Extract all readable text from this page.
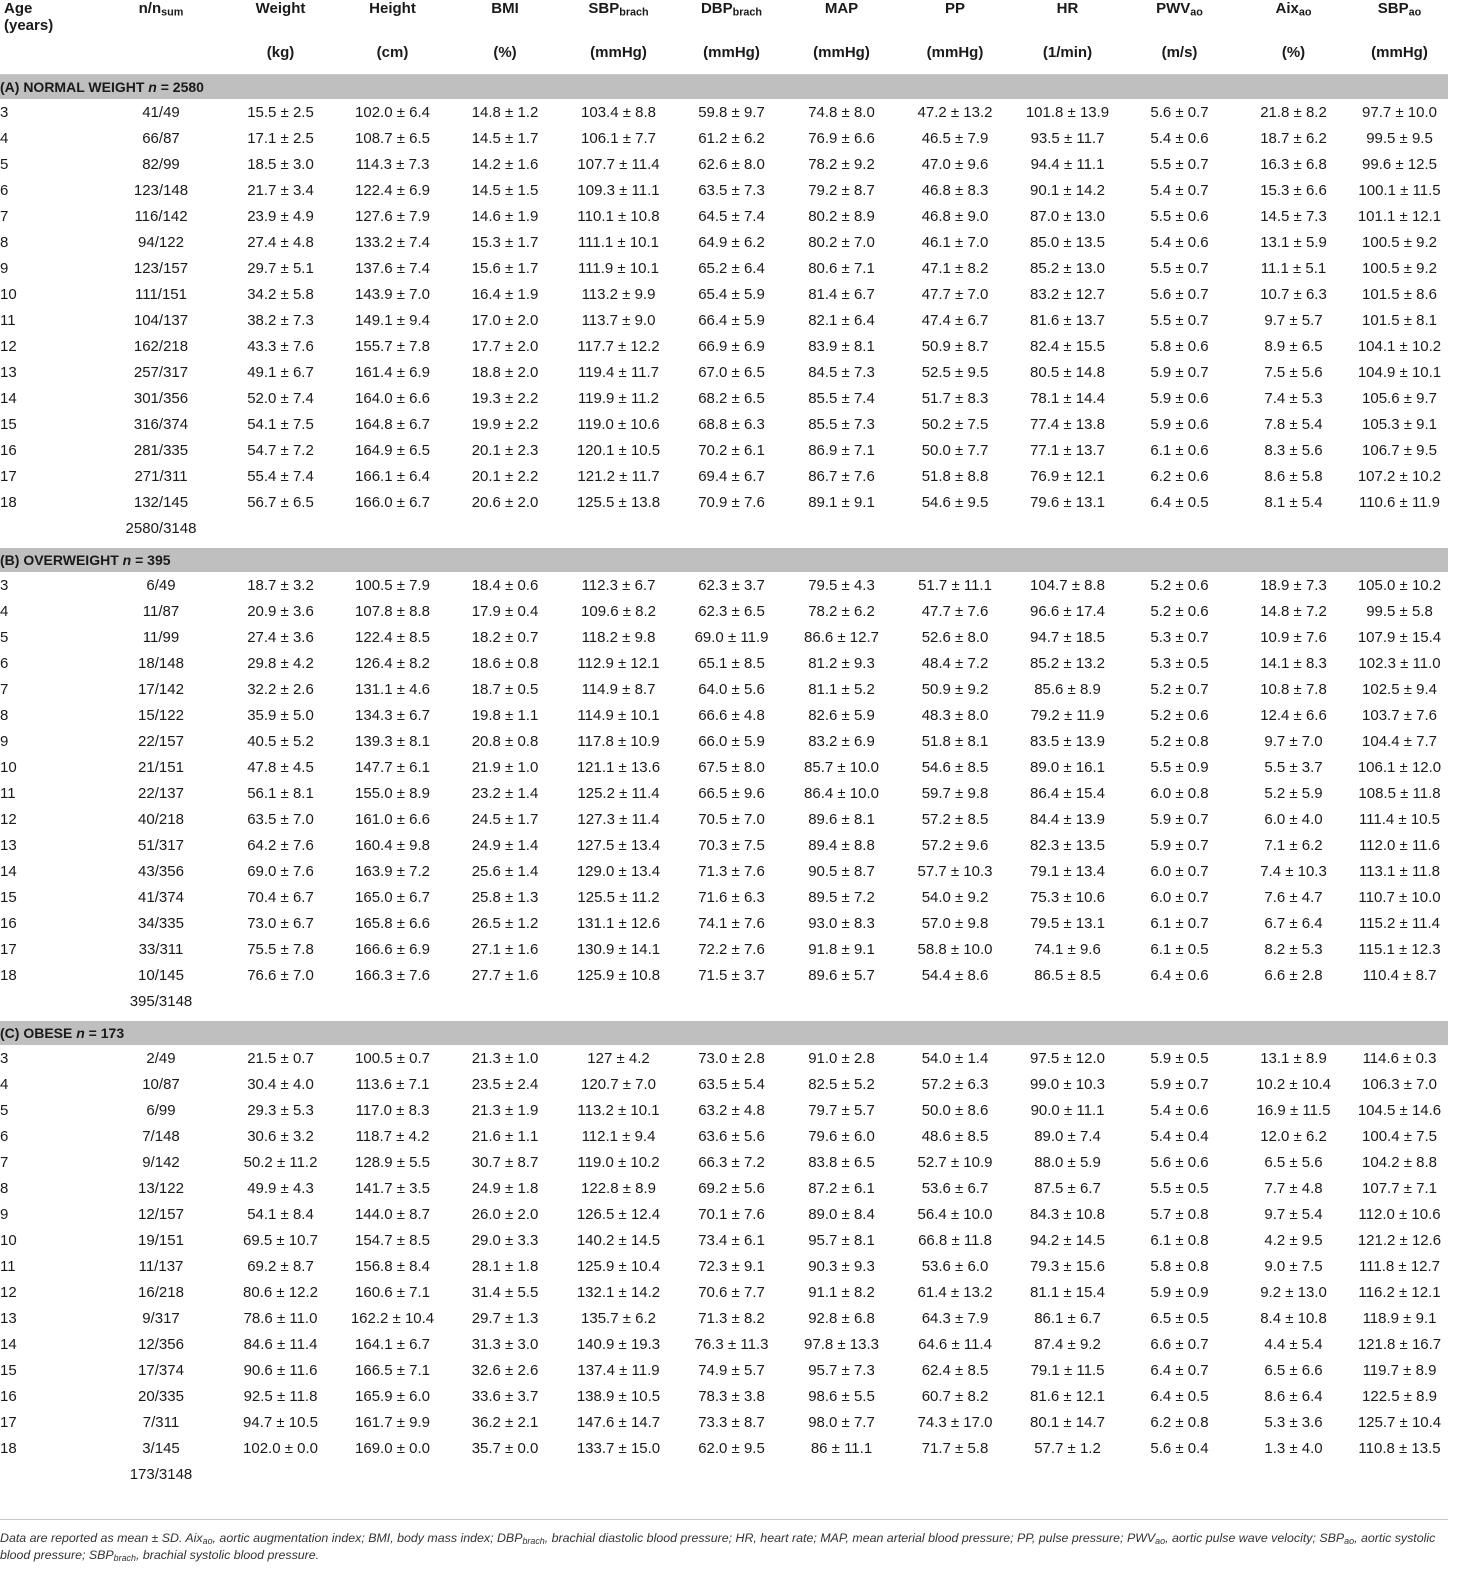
Age
(years)	$n/n_{sum}$	Weight	Height	BMI	$SBP_{brach}$	$DBP_{brach}$	MAP	PP	HR	$PWV_{ao}$	Aix$_{ao}$	$SBP_{ao}$
		(kg)	(cm)	(%)	(mmHg)	(mmHg)	(mmHg)	(mmHg)	(1/min)	(m/s)	(%)	(mmHg)

(A) NORMAL WEIGHT n = 2580												
3	41/49	15.5 ± 2.5	102.0 ± 6.4	14.8 ± 1.2	103.4 ± 8.8	59.8 ± 9.7	74.8 ± 8.0	47.2 ± 13.2	101.8 ± 13.9	5.6 ± 0.7	21.8 ± 8.2	97.7 ± 10.0
4	66/87	17.1 ± 2.5	108.7 ± 6.5	14.5 ± 1.7	106.1 ± 7.7	61.2 ± 6.2	76.9 ± 6.6	46.5 ± 7.9	93.5 ± 11.7	5.4 ± 0.6	18.7 ± 6.2	99.5 ± 9.5
5	82/99	18.5 ± 3.0	114.3 ± 7.3	14.2 ± 1.6	107.7 ± 11.4	62.6 ± 8.0	78.2 ± 9.2	47.0 ± 9.6	94.4 ± 11.1	5.5 ± 0.7	16.3 ± 6.8	99.6 ± 12.5
6	123/148	21.7 ± 3.4	122.4 ± 6.9	14.5 ± 1.5	109.3 ± 11.1	63.5 ± 7.3	79.2 ± 8.7	46.8 ± 8.3	90.1 ± 14.2	5.4 ± 0.7	15.3 ± 6.6	100.1 ± 11.5
7	116/142	23.9 ± 4.9	127.6 ± 7.9	14.6 ± 1.9	110.1 ± 10.8	64.5 ± 7.4	80.2 ± 8.9	46.8 ± 9.0	87.0 ± 13.0	5.5 ± 0.6	14.5 ± 7.3	101.1 ± 12.1
8	94/122	27.4 ± 4.8	133.2 ± 7.4	15.3 ± 1.7	111.1 ± 10.1	64.9 ± 6.2	80.2 ± 7.0	46.1 ± 7.0	85.0 ± 13.5	5.4 ± 0.6	13.1 ± 5.9	100.5 ± 9.2
9	123/157	29.7 ± 5.1	137.6 ± 7.4	15.6 ± 1.7	111.9 ± 10.1	65.2 ± 6.4	80.6 ± 7.1	47.1 ± 8.2	85.2 ± 13.0	5.5 ± 0.7	11.1 ± 5.1	100.5 ± 9.2
10	111/151	34.2 ± 5.8	143.9 ± 7.0	16.4 ± 1.9	113.2 ± 9.9	65.4 ± 5.9	81.4 ± 6.7	47.7 ± 7.0	83.2 ± 12.7	5.6 ± 0.7	10.7 ± 6.3	101.5 ± 8.6
11	104/137	38.2 ± 7.3	149.1 ± 9.4	17.0 ± 2.0	113.7 ± 9.0	66.4 ± 5.9	82.1 ± 6.4	47.4 ± 6.7	81.6 ± 13.7	5.5 ± 0.7	9.7 ± 5.7	101.5 ± 8.1
12	162/218	43.3 ± 7.6	155.7 ± 7.8	17.7 ± 2.0	117.7 ± 12.2	66.9 ± 6.9	83.9 ± 8.1	50.9 ± 8.7	82.4 ± 15.5	5.8 ± 0.6	8.9 ± 6.5	104.1 ± 10.2
13	257/317	49.1 ± 6.7	161.4 ± 6.9	18.8 ± 2.0	119.4 ± 11.7	67.0 ± 6.5	84.5 ± 7.3	52.5 ± 9.5	80.5 ± 14.8	5.9 ± 0.7	7.5 ± 5.6	104.9 ± 10.1
14	301/356	52.0 ± 7.4	164.0 ± 6.6	19.3 ± 2.2	119.9 ± 11.2	68.2 ± 6.5	85.5 ± 7.4	51.7 ± 8.3	78.1 ± 14.4	5.9 ± 0.6	7.4 ± 5.3	105.6 ± 9.7
15	316/374	54.1 ± 7.5	164.8 ± 6.7	19.9 ± 2.2	119.0 ± 10.6	68.8 ± 6.3	85.5 ± 7.3	50.2 ± 7.5	77.4 ± 13.8	5.9 ± 0.6	7.8 ± 5.4	105.3 ± 9.1
16	281/335	54.7 ± 7.2	164.9 ± 6.5	20.1 ± 2.3	120.1 ± 10.5	70.2 ± 6.1	86.9 ± 7.1	50.0 ± 7.7	77.1 ± 13.7	6.1 ± 0.6	8.3 ± 5.6	106.7 ± 9.5
17	271/311	55.4 ± 7.4	166.1 ± 6.4	20.1 ± 2.2	121.2 ± 11.7	69.4 ± 6.7	86.7 ± 7.6	51.8 ± 8.8	76.9 ± 12.1	6.2 ± 0.6	8.6 ± 5.8	107.2 ± 10.2
18	132/145	56.7 ± 6.5	166.0 ± 6.7	20.6 ± 2.0	125.5 ± 13.8	70.9 ± 7.6	89.1 ± 9.1	54.6 ± 9.5	79.6 ± 13.1	6.4 ± 0.5	8.1 ± 5.4	110.6 ± 11.9
	2580/3148											

(B) OVERWEIGHT n = 395												
3	6/49	18.7 ± 3.2	100.5 ± 7.9	18.4 ± 0.6	112.3 ± 6.7	62.3 ± 3.7	79.5 ± 4.3	51.7 ± 11.1	104.7 ± 8.8	5.2 ± 0.6	18.9 ± 7.3	105.0 ± 10.2
4	11/87	20.9 ± 3.6	107.8 ± 8.8	17.9 ± 0.4	109.6 ± 8.2	62.3 ± 6.5	78.2 ± 6.2	47.7 ± 7.6	96.6 ± 17.4	5.2 ± 0.6	14.8 ± 7.2	99.5 ± 5.8
5	11/99	27.4 ± 3.6	122.4 ± 8.5	18.2 ± 0.7	118.2 ± 9.8	69.0 ± 11.9	86.6 ± 12.7	52.6 ± 8.0	94.7 ± 18.5	5.3 ± 0.7	10.9 ± 7.6	107.9 ± 15.4
6	18/148	29.8 ± 4.2	126.4 ± 8.2	18.6 ± 0.8	112.9 ± 12.1	65.1 ± 8.5	81.2 ± 9.3	48.4 ± 7.2	85.2 ± 13.2	5.3 ± 0.5	14.1 ± 8.3	102.3 ± 11.0
7	17/142	32.2 ± 2.6	131.1 ± 4.6	18.7 ± 0.5	114.9 ± 8.7	64.0 ± 5.6	81.1 ± 5.2	50.9 ± 9.2	85.6 ± 8.9	5.2 ± 0.7	10.8 ± 7.8	102.5 ± 9.4
8	15/122	35.9 ± 5.0	134.3 ± 6.7	19.8 ± 1.1	114.9 ± 10.1	66.6 ± 4.8	82.6 ± 5.9	48.3 ± 8.0	79.2 ± 11.9	5.2 ± 0.6	12.4 ± 6.6	103.7 ± 7.6
9	22/157	40.5 ± 5.2	139.3 ± 8.1	20.8 ± 0.8	117.8 ± 10.9	66.0 ± 5.9	83.2 ± 6.9	51.8 ± 8.1	83.5 ± 13.9	5.2 ± 0.8	9.7 ± 7.0	104.4 ± 7.7
10	21/151	47.8 ± 4.5	147.7 ± 6.1	21.9 ± 1.0	121.1 ± 13.6	67.5 ± 8.0	85.7 ± 10.0	54.6 ± 8.5	89.0 ± 16.1	5.5 ± 0.9	5.5 ± 3.7	106.1 ± 12.0
11	22/137	56.1 ± 8.1	155.0 ± 8.9	23.2 ± 1.4	125.2 ± 11.4	66.5 ± 9.6	86.4 ± 10.0	59.7 ± 9.8	86.4 ± 15.4	6.0 ± 0.8	5.2 ± 5.9	108.5 ± 11.8
12	40/218	63.5 ± 7.0	161.0 ± 6.6	24.5 ± 1.7	127.3 ± 11.4	70.5 ± 7.0	89.6 ± 8.1	57.2 ± 8.5	84.4 ± 13.9	5.9 ± 0.7	6.0 ± 4.0	111.4 ± 10.5
13	51/317	64.2 ± 7.6	160.4 ± 9.8	24.9 ± 1.4	127.5 ± 13.4	70.3 ± 7.5	89.4 ± 8.8	57.2 ± 9.6	82.3 ± 13.5	5.9 ± 0.7	7.1 ± 6.2	112.0 ± 11.6
14	43/356	69.0 ± 7.6	163.9 ± 7.2	25.6 ± 1.4	129.0 ± 13.4	71.3 ± 7.6	90.5 ± 8.7	57.7 ± 10.3	79.1 ± 13.4	6.0 ± 0.7	7.4 ± 10.3	113.1 ± 11.8
15	41/374	70.4 ± 6.7	165.0 ± 6.7	25.8 ± 1.3	125.5 ± 11.2	71.6 ± 6.3	89.5 ± 7.2	54.0 ± 9.2	75.3 ± 10.6	6.0 ± 0.7	7.6 ± 4.7	110.7 ± 10.0
16	34/335	73.0 ± 6.7	165.8 ± 6.6	26.5 ± 1.2	131.1 ± 12.6	74.1 ± 7.6	93.0 ± 8.3	57.0 ± 9.8	79.5 ± 13.1	6.1 ± 0.7	6.7 ± 6.4	115.2 ± 11.4
17	33/311	75.5 ± 7.8	166.6 ± 6.9	27.1 ± 1.6	130.9 ± 14.1	72.2 ± 7.6	91.8 ± 9.1	58.8 ± 10.0	74.1 ± 9.6	6.1 ± 0.5	8.2 ± 5.3	115.1 ± 12.3
18	10/145	76.6 ± 7.0	166.3 ± 7.6	27.7 ± 1.6	125.9 ± 10.8	71.5 ± 3.7	89.6 ± 5.7	54.4 ± 8.6	86.5 ± 8.5	6.4 ± 0.6	6.6 ± 2.8	110.4 ± 8.7
	395/3148											

(C) OBESE n = 173												
3	2/49	21.5 ± 0.7	100.5 ± 0.7	21.3 ± 1.0	127 ± 4.2	73.0 ± 2.8	91.0 ± 2.8	54.0 ± 1.4	97.5 ± 12.0	5.9 ± 0.5	13.1 ± 8.9	114.6 ± 0.3
4	10/87	30.4 ± 4.0	113.6 ± 7.1	23.5 ± 2.4	120.7 ± 7.0	63.5 ± 5.4	82.5 ± 5.2	57.2 ± 6.3	99.0 ± 10.3	5.9 ± 0.7	10.2 ± 10.4	106.3 ± 7.0
5	6/99	29.3 ± 5.3	117.0 ± 8.3	21.3 ± 1.9	113.2 ± 10.1	63.2 ± 4.8	79.7 ± 5.7	50.0 ± 8.6	90.0 ± 11.1	5.4 ± 0.6	16.9 ± 11.5	104.5 ± 14.6
6	7/148	30.6 ± 3.2	118.7 ± 4.2	21.6 ± 1.1	112.1 ± 9.4	63.6 ± 5.6	79.6 ± 6.0	48.6 ± 8.5	89.0 ± 7.4	5.4 ± 0.4	12.0 ± 6.2	100.4 ± 7.5
7	9/142	50.2 ± 11.2	128.9 ± 5.5	30.7 ± 8.7	119.0 ± 10.2	66.3 ± 7.2	83.8 ± 6.5	52.7 ± 10.9	88.0 ± 5.9	5.6 ± 0.6	6.5 ± 5.6	104.2 ± 8.8
8	13/122	49.9 ± 4.3	141.7 ± 3.5	24.9 ± 1.8	122.8 ± 8.9	69.2 ± 5.6	87.2 ± 6.1	53.6 ± 6.7	87.5 ± 6.7	5.5 ± 0.5	7.7 ± 4.8	107.7 ± 7.1
9	12/157	54.1 ± 8.4	144.0 ± 8.7	26.0 ± 2.0	126.5 ± 12.4	70.1 ± 7.6	89.0 ± 8.4	56.4 ± 10.0	84.3 ± 10.8	5.7 ± 0.8	9.7 ± 5.4	112.0 ± 10.6
10	19/151	69.5 ± 10.7	154.7 ± 8.5	29.0 ± 3.3	140.2 ± 14.5	73.4 ± 6.1	95.7 ± 8.1	66.8 ± 11.8	94.2 ± 14.5	6.1 ± 0.8	4.2 ± 9.5	121.2 ± 12.6
11	11/137	69.2 ± 8.7	156.8 ± 8.4	28.1 ± 1.8	125.9 ± 10.4	72.3 ± 9.1	90.3 ± 9.3	53.6 ± 6.0	79.3 ± 15.6	5.8 ± 0.8	9.0 ± 7.5	111.8 ± 12.7
12	16/218	80.6 ± 12.2	160.6 ± 7.1	31.4 ± 5.5	132.1 ± 14.2	70.6 ± 7.7	91.1 ± 8.2	61.4 ± 13.2	81.1 ± 15.4	5.9 ± 0.9	9.2 ± 13.0	116.2 ± 12.1
13	9/317	78.6 ± 11.0	162.2 ± 10.4	29.7 ± 1.3	135.7 ± 6.2	71.3 ± 8.2	92.8 ± 6.8	64.3 ± 7.9	86.1 ± 6.7	6.5 ± 0.5	8.4 ± 10.8	118.9 ± 9.1
14	12/356	84.6 ± 11.4	164.1 ± 6.7	31.3 ± 3.0	140.9 ± 19.3	76.3 ± 11.3	97.8 ± 13.3	64.6 ± 11.4	87.4 ± 9.2	6.6 ± 0.7	4.4 ± 5.4	121.8 ± 16.7
15	17/374	90.6 ± 11.6	166.5 ± 7.1	32.6 ± 2.6	137.4 ± 11.9	74.9 ± 5.7	95.7 ± 7.3	62.4 ± 8.5	79.1 ± 11.5	6.4 ± 0.7	6.5 ± 6.6	119.7 ± 8.9
16	20/335	92.5 ± 11.8	165.9 ± 6.0	33.6 ± 3.7	138.9 ± 10.5	78.3 ± 3.8	98.6 ± 5.5	60.7 ± 8.2	81.6 ± 12.1	6.4 ± 0.5	8.6 ± 6.4	122.5 ± 8.9
17	7/311	94.7 ± 10.5	161.7 ± 9.9	36.2 ± 2.1	147.6 ± 14.7	73.3 ± 8.7	98.0 ± 7.7	74.3 ± 17.0	80.1 ± 14.7	6.2 ± 0.8	5.3 ± 3.6	125.7 ± 10.4
18	3/145	102.0 ± 0.0	169.0 ± 0.0	35.7 ± 0.0	133.7 ± 15.0	62.0 ± 9.5	86 ± 11.1	71.7 ± 5.8	57.7 ± 1.2	5.6 ± 0.4	1.3 ± 4.0	110.8 ± 13.5
	173/3148											
Data are reported as mean ± SD. Aix$_{ao}$, aortic augmentation index; BMI, body mass index; $DBP_{brach}$, brachial diastolic blood pressure; HR, heart rate; MAP, mean arterial blood pressure; PP, pulse pressure; $PWV_{ao}$, aortic pulse wave velocity; $SBP_{ao}$, aortic systolic blood pressure; $SBP_{brach}$, brachial systolic blood pressure.
